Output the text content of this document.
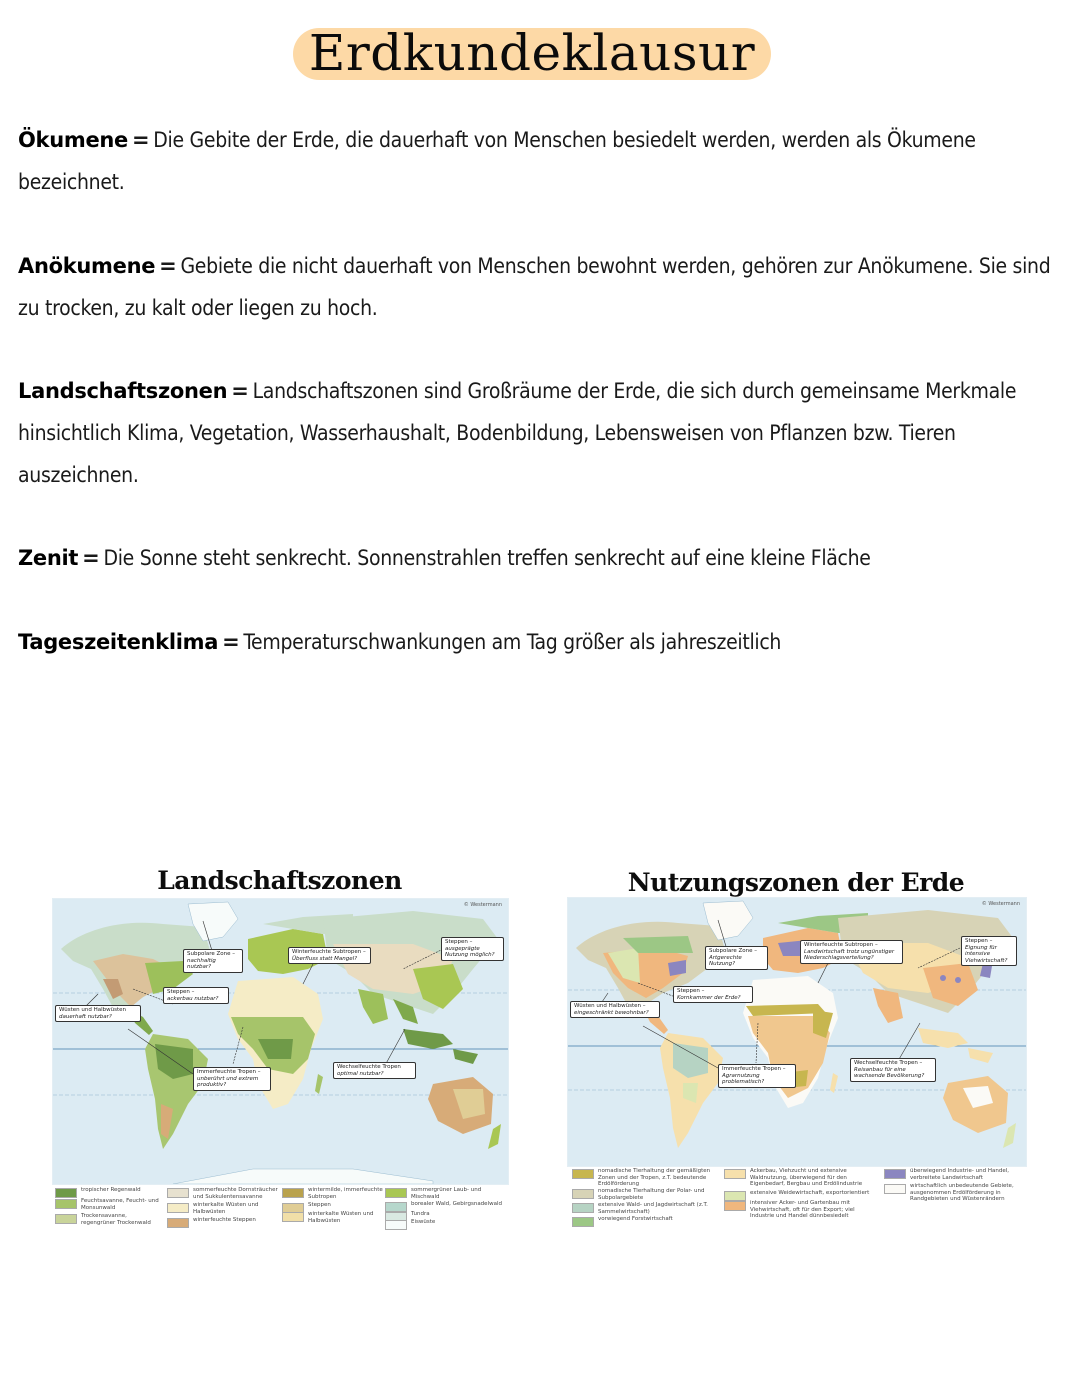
Erdkundeklausur
Ökumene = Die Gebite der Erde, die dauerhaft von Menschen besiedelt werden, werden als Ökumene bezeichnet.
Anökumene = Gebiete die nicht dauerhaft von Menschen bewohnt werden, gehören zur Anökumene. Sie sind zu trocken, zu kalt oder liegen zu hoch.
Landschaftszonen = Landschaftszonen sind Großräume der Erde, die sich durch gemeinsame Merkmale hinsichtlich Klima, Vegetation, Wasserhaushalt, Bodenbildung, Lebensweisen von Pflanzen bzw. Tieren auszeichnen.
Zenit = Die Sonne steht senkrecht. Sonnenstrahlen treffen senkrecht auf eine kleine Fläche
Tageszeitenklima = Temperaturschwankungen am Tag größer als jahreszeitlich
Landschaftszonen
© Westermann
Subpolare Zone –
nachhaltig nutzbar?
Winterfeuchte Subtropen –
Überfluss statt Mangel?
Steppen –
ausgeprägte Nutzung möglich?
Steppen –
ackerbau nutzbar?
Wüsten und Halbwüsten
dauerhaft nutzbar?
Immerfeuchte Tropen –
unberührt und extrem produktiv?
Wechselfeuchte Tropen
optimal nutzbar?
tropischer Regenwald
Feuchtsavanne, Feucht- und Monsunwald
Trockensavanne, regengrüner Trockenwald
sommerfeuchte Dornsträucher und Sukkulentensavanne
winterkalte Wüsten und Halbwüsten
winterfeuchte Steppen
wintermilde, immerfeuchte Subtropen
Steppen
winterkalte Wüsten und Halbwüsten
sommergrüner Laub- und Mischwald
borealer Wald, Gebirgsnadelwald
Tundra
Eiswüste
Nutzungszonen der Erde
© Westermann
Subpolare Zone –
Artgerechte Nutzung?
Winterfeuchte Subtropen –
Landwirtschaft trotz ungünstiger Niederschlagsverteilung?
Steppen –
Eignung für intensive Viehwirtschaft?
Steppen –
Kornkammer der Erde?
Wüsten und Halbwüsten –
eingeschränkt bewohnbar?
Immerfeuchte Tropen –
Agrarnutzung problematisch?
Wechselfeuchte Tropen –
Reisanbau für eine wachsende Bevölkerung?
nomadische Tierhaltung der gemäßigten Zonen und der Tropen, z.T. bedeutende Erdölförderung
nomadische Tierhaltung der Polar- und Subpolargebiete
extensive Wald- und Jagdwirtschaft (z.T. Sammelwirtschaft)
vorwiegend Forstwirtschaft
Ackerbau, Viehzucht und extensive Waldnutzung, überwiegend für den Eigenbedarf, Bergbau und Erdölindustrie
extensive Weidewirtschaft, exportorientiert
intensiver Acker- und Gartenbau mit Viehwirtschaft, oft für den Export; viel Industrie und Handel dünnbesiedelt
überwiegend Industrie- und Handel, verbreitete Landwirtschaft
wirtschaftlich unbedeutende Gebiete, ausgenommen Erdölförderung in Randgebieten und Wüstenrändern
